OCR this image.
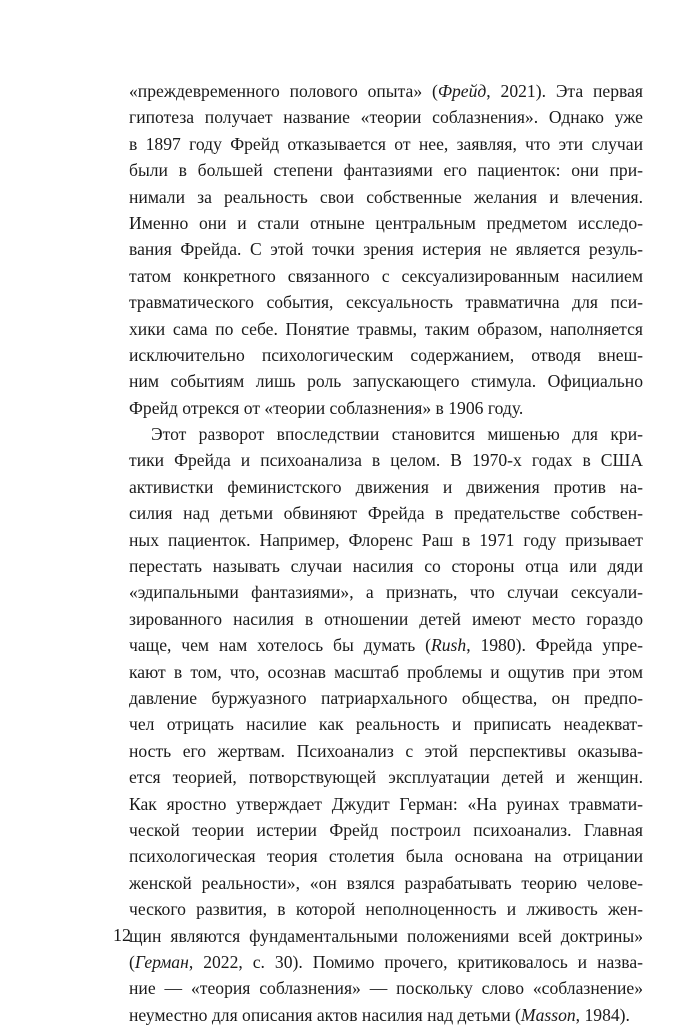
«преждевременного полового опыта» (Фрейд, 2021). Эта первая
гипотеза получает название «теории соблазнения». Однако уже
в 1897 году Фрейд отказывается от нее, заявляя, что эти случаи
были в большей степени фантазиями его пациенток: они при-
нимали за реальность свои собственные желания и влечения.
Именно они и стали отныне центральным предметом исследо-
вания Фрейда. С этой точки зрения истерия не является резуль-
татом конкретного связанного с сексуализированным насилием
травматического события, сексуальность травматична для пси-
хики сама по себе. Понятие травмы, таким образом, наполняется
исключительно психологическим содержанием, отводя внеш-
ним событиям лишь роль запускающего стимула. Официально
Фрейд отрекся от «теории соблазнения» в 1906 году.
Этот разворот впоследствии становится мишенью для кри-
тики Фрейда и психоанализа в целом. В 1970-х годах в США
активистки феминистского движения и движения против на-
силия над детьми обвиняют Фрейда в предательстве собствен-
ных пациенток. Например, Флоренс Раш в 1971 году призывает
перестать называть случаи насилия со стороны отца или дяди
«эдипальными фантазиями», а признать, что случаи сексуали-
зированного насилия в отношении детей имеют место гораздо
чаще, чем нам хотелось бы думать (Rush, 1980). Фрейда упре-
кают в том, что, осознав масштаб проблемы и ощутив при этом
давление буржуазного патриархального общества, он предпо-
чел отрицать насилие как реальность и приписать неадекват-
ность его жертвам. Психоанализ с этой перспективы оказыва-
ется теорией, потворствующей эксплуатации детей и женщин.
Как яростно утверждает Джудит Герман: «На руинах травмати-
ческой теории истерии Фрейд построил психоанализ. Главная
психологическая теория столетия была основана на отрицании
женской реальности», «он взялся разрабатывать теорию челове-
ческого развития, в которой неполноценность и лживость жен-
щин являются фундаментальными положениями всей доктрины»
(Герман, 2022, с. 30). Помимо прочего, критиковалось и назва-
ние — «теория соблазнения» — поскольку слово «соблазнение»
неуместно для описания актов насилия над детьми (Masson, 1984).
12
